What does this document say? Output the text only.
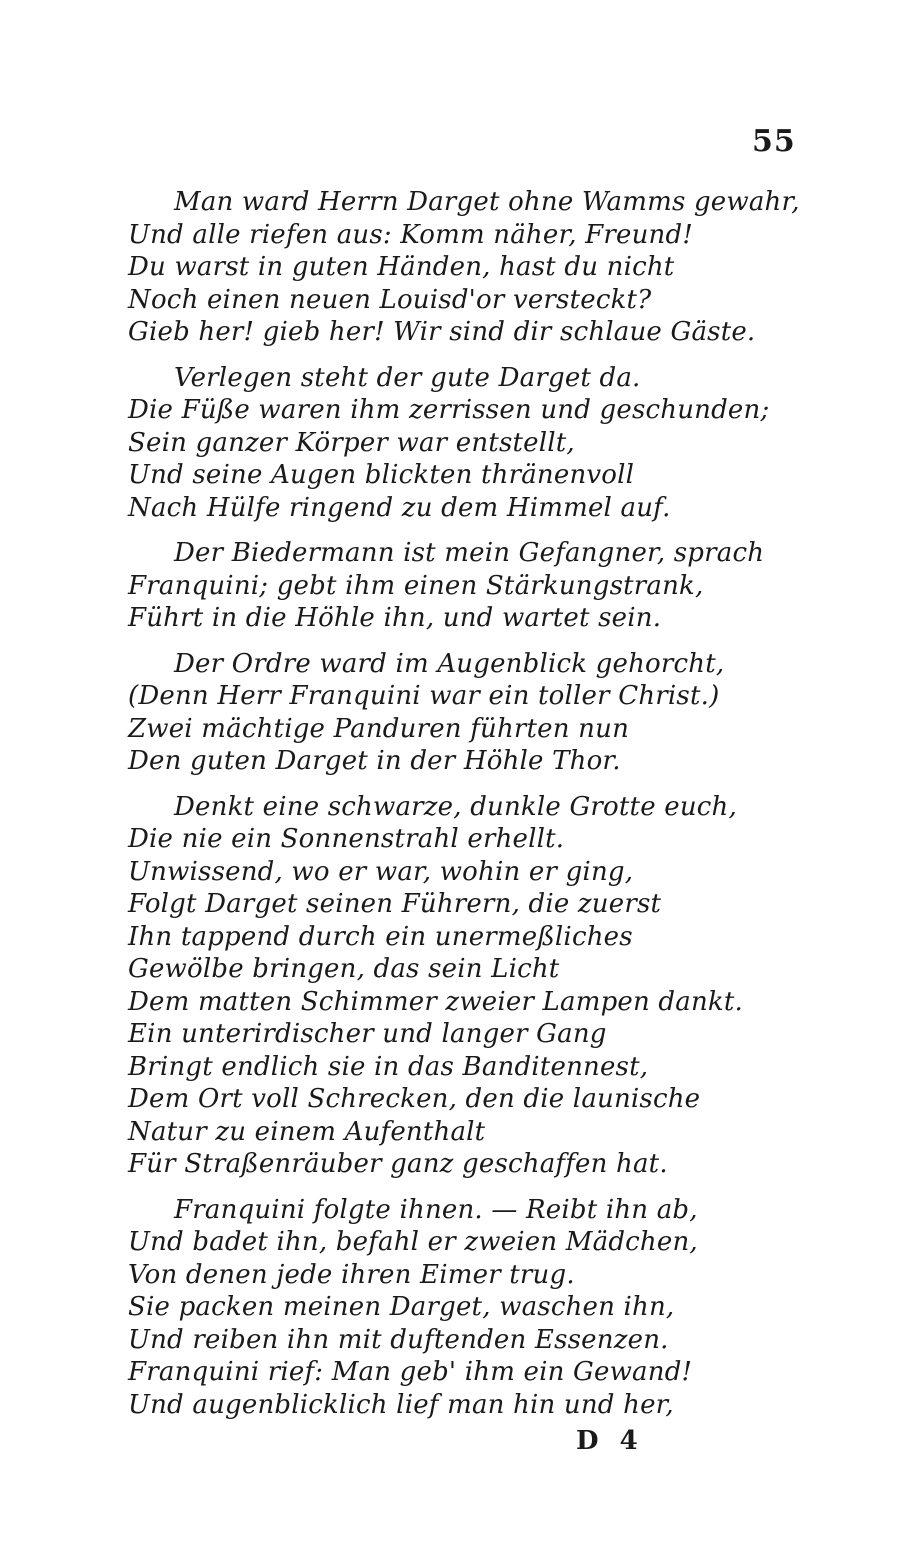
55
Man ward Herrn Darget ohne Wamms gewahr,
Und alle riefen aus: Komm näher, Freund!
Du warst in guten Händen, hast du nicht
Noch einen neuen Louisd'or versteckt?
Gieb her! gieb her! Wir sind dir schlaue Gäste.
Verlegen steht der gute Darget da.
Die Füße waren ihm zerrissen und geschunden;
Sein ganzer Körper war entstellt,
Und seine Augen blickten thränenvoll
Nach Hülfe ringend zu dem Himmel auf.
Der Biedermann ist mein Gefangner, sprach
Franquini; gebt ihm einen Stärkungstrank,
Führt in die Höhle ihn, und wartet sein.
Der Ordre ward im Augenblick gehorcht,
(Denn Herr Franquini war ein toller Christ.)
Zwei mächtige Panduren führten nun
Den guten Darget in der Höhle Thor.
Denkt eine schwarze, dunkle Grotte euch,
Die nie ein Sonnenstrahl erhellt.
Unwissend, wo er war, wohin er ging,
Folgt Darget seinen Führern, die zuerst
Ihn tappend durch ein unermeßliches
Gewölbe bringen, das sein Licht
Dem matten Schimmer zweier Lampen dankt.
Ein unterirdischer und langer Gang
Bringt endlich sie in das Banditennest,
Dem Ort voll Schrecken, den die launische
Natur zu einem Aufenthalt
Für Straßenräuber ganz geschaffen hat.
Franquini folgte ihnen. — Reibt ihn ab,
Und badet ihn, befahl er zweien Mädchen,
Von denen jede ihren Eimer trug.
Sie packen meinen Darget, waschen ihn,
Und reiben ihn mit duftenden Essenzen.
Franquini rief: Man geb' ihm ein Gewand!
Und augenblicklich lief man hin und her,
D 4
